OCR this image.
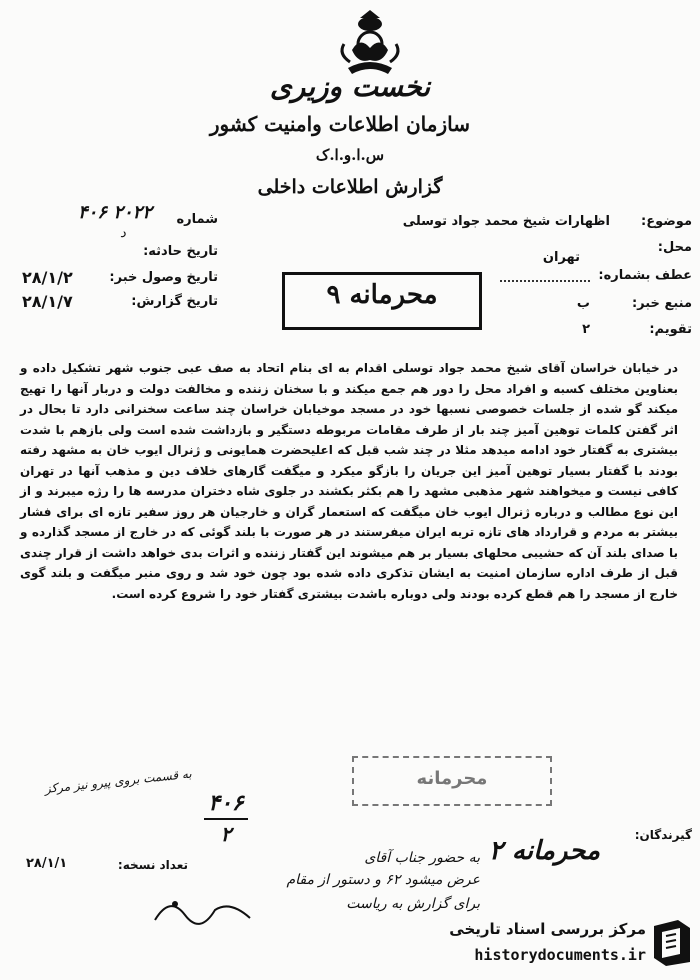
نخست وزیری
سازمان اطلاعات وامنیت کشور
س.ا.و.ا.ک
گزارش اطلاعات داخلی
موضوع:
اظهارات شیخ محمد جواد توسلی
محل:
تهران
عطف بشماره:
منبع خبر:
ب
تقویم:
۲
شماره
۲۰۲۲ ۴۰۶
د
تاریخ حادثه:
تاریخ وصول خبر:
۲۸/۱/۲
تاریخ گزارش:
۲۸/۱/۷	محرمانه ۹
در خیابان خراسان آقای شیخ محمد جواد توسلی اقدام به ای بنام اتحاد به صف عبی جنوب شهر تشکیل داده و بعناوین مختلف کسبه و افراد محل را دور هم جمع میکند و با سخنان زننده و مخالفت دولت و دربار آنها را تهیج میکند گو شده از جلسات خصوصی نسبها خود در مسجد موخیابان خراسان چند ساعت سخنرانی دارد تا بحال در اثر گفتن کلمات توهین آمیز چند بار از طرف مقامات مربوطه دستگیر و بازداشت شده است ولی بازهم با شدت بیشتری به گفتار خود ادامه میدهد مثلا در چند شب قبل که اعلیحضرت همایونی و ژنرال ایوب خان به مشهد رفته بودند با گفتار بسیار توهین آمیز این جریان را بازگو میکرد و میگفت گارهای خلاف دین و مذهب آنها در تهران کافی نیست و میخواهند شهر مذهبی مشهد را هم بکثر بکشند در جلوی شاه دختران مدرسه ها را رژه میبرند و از این نوع مطالب و درباره ژنرال ایوب خان میگفت که استعمار گران و خارجیان هر روز سفیر تازه ای برای فشار بیشتر به مردم و قرارداد های تازه تربه ایران میفرستند در هر صورت با بلند گوئی که در خارج از مسجد گذارده و با صدای بلند آن که حشیبی محلهای بسیار بر هم میشوند این گفتار زننده و اثرات بدی خواهد داشت از قرار چندی قبل از طرف اداره سازمان امنیت به ایشان تذکری داده شده بود چون خود شد و روی منبر میگفت و بلند گوی خارج از مسجد را هم قطع کرده بودند ولی دوباره باشدت بیشتری گفتار خود را شروع کرده است.
محرمانه
به قسمت بروی پیرو نیز مرکز
۴۰۶
۲
تعداد نسخه:
۲۸/۱/۱
گیرندگان:
محرمانه ۲
به حضور جناب آقای
عرض میشود ۶۲ و دستور از مقام
برای گزارش به ریاست
مرکز بررسی اسناد تاریخی
historydocuments.ir
